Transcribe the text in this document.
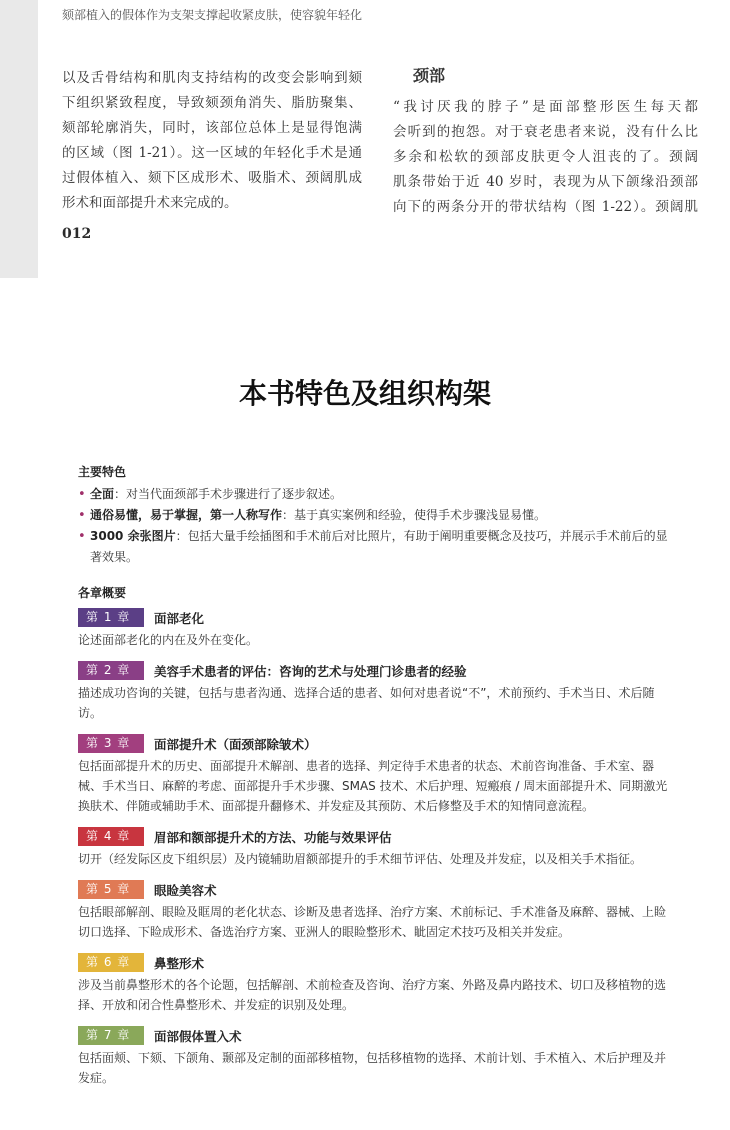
颏部植入的假体作为支架支撑起收紧皮肤，使容貌年轻化

以及舌骨结构和肌肉支持结构的改变会影响到颏

下组织紧致程度，导致颏颈角消失、脂肪聚集、

颏部轮廓消失，同时，该部位总体上是显得饱满

的区域（图 1-21）。这一区域的年轻化手术是通

过假体植入、颏下区成形术、吸脂术、颈阔肌成

形术和面部提升术来完成的。

颈部

“我讨厌我的脖子”是面部整形医生每天都

会听到的抱怨。对于衰老患者来说，没有什么比

多余和松软的颈部皮肤更令人沮丧的了。颈阔

肌条带始于近 40 岁时，表现为从下颌缘沿颈部

向下的两条分开的带状结构（图 1-22）。颈阔肌

012
本书特色及组织构架
主要特色
• 全面：对当代面颈部手术步骤进行了逐步叙述。
• 通俗易懂，易于掌握，第一人称写作：基于真实案例和经验，使得手术步骤浅显易懂。
• 3000 余张图片：包括大量手绘插图和手术前后对比照片，有助于阐明重要概念及技巧，并展示手术前后的显著效果。
各章概要
第 1 章	面部老化
论述面部老化的内在及外在变化。
第 2 章	美容手术患者的评估：咨询的艺术与处理门诊患者的经验
描述成功咨询的关键，包括与患者沟通、选择合适的患者、如何对患者说“不”，术前预约、手术当日、术后随访。
第 3 章	面部提升术（面颈部除皱术）
包括面部提升术的历史、面部提升术解剖、患者的选择、判定待手术患者的状态、术前咨询准备、手术室、器械、手术当日、麻醉的考虑、面部提升手术步骤、SMAS 技术、术后护理、短瘢痕 / 周末面部提升术、同期激光换肤术、伴随或辅助手术、面部提升翻修术、并发症及其预防、术后修整及手术的知情同意流程。
第 4 章	眉部和额部提升术的方法、功能与效果评估
切开（经发际区皮下组织层）及内镜辅助眉额部提升的手术细节评估、处理及并发症，以及相关手术指征。
第 5 章	眼睑美容术
包括眼部解剖、眼睑及眶周的老化状态、诊断及患者选择、治疗方案、术前标记、手术准备及麻醉、器械、上睑切口选择、下睑成形术、备选治疗方案、亚洲人的眼睑整形术、眦固定术技巧及相关并发症。
第 6 章	鼻整形术
涉及当前鼻整形术的各个论题，包括解剖、术前检查及咨询、治疗方案、外路及鼻内路技术、切口及移植物的选择、开放和闭合性鼻整形术、并发症的识别及处理。
第 7 章	面部假体置入术
包括面颊、下颏、下颌角、颞部及定制的面部移植物，包括移植物的选择、术前计划、手术植入、术后护理及并发症。
